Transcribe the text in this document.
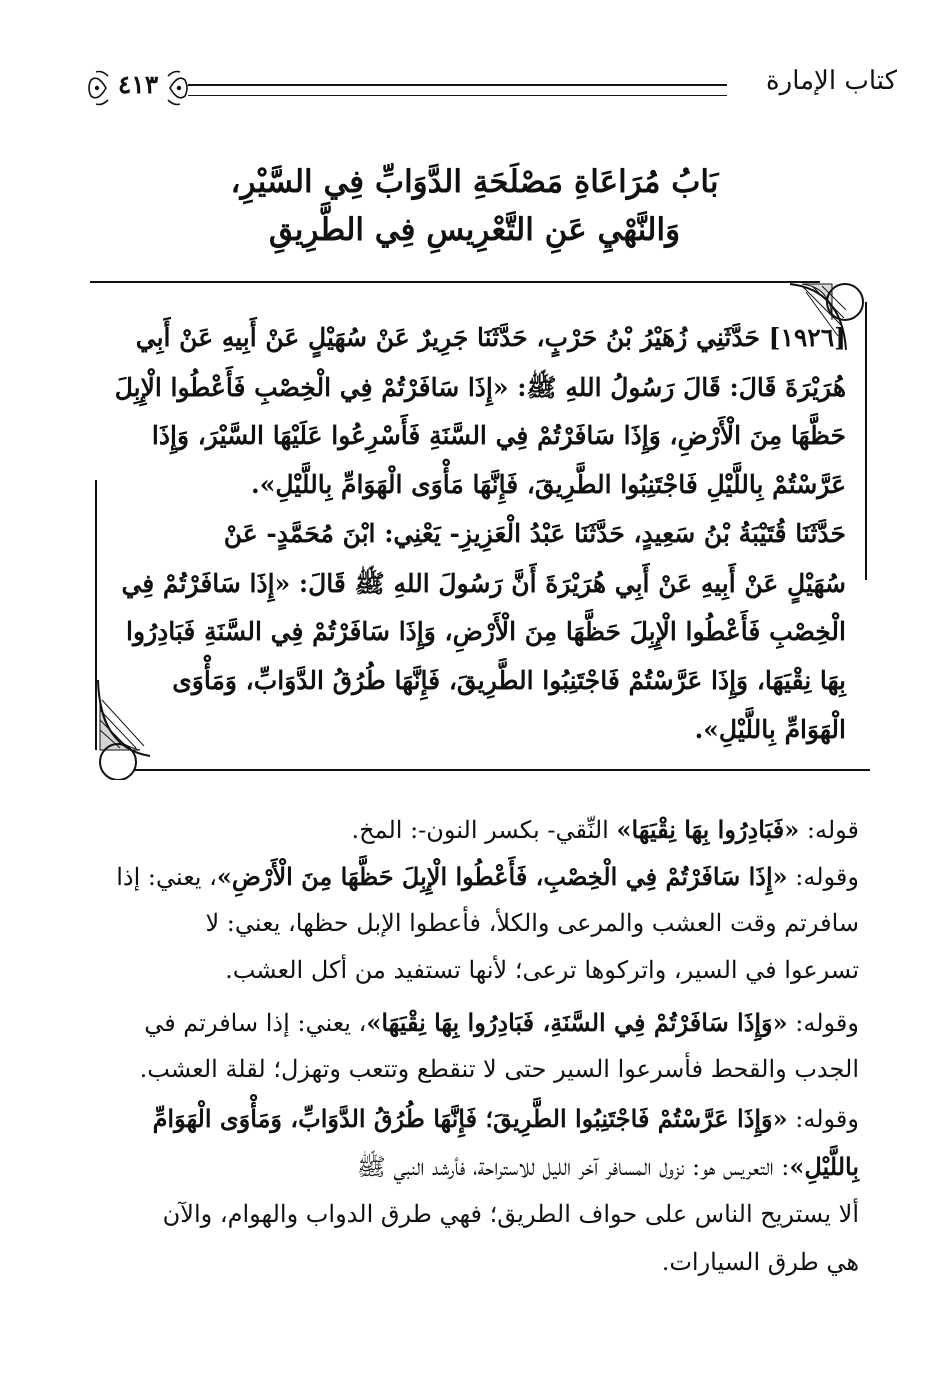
كتاب الإمارة
٤١٣
بَابُ مُرَاعَاةِ مَصْلَحَةِ الدَّوَابِّ فِي السَّيْرِ،
وَالنَّهْيِ عَنِ التَّعْرِيسِ فِي الطَّرِيقِ
[١٩٢٦] حَدَّثَنِي زُهَيْرُ بْنُ حَرْبٍ، حَدَّثَنَا جَرِيرٌ عَنْ سُهَيْلٍ عَنْ أَبِيهِ عَنْ أَبِي
هُرَيْرَةَ قَالَ: قَالَ رَسُولُ اللهِ ﷺ: «إِذَا سَافَرْتُمْ فِي الْخِصْبِ فَأَعْطُوا الْإِبِلَ
حَظَّهَا مِنَ الْأَرْضِ، وَإِذَا سَافَرْتُمْ فِي السَّنَةِ فَأَسْرِعُوا عَلَيْهَا السَّيْرَ، وَإِذَا
عَرَّسْتُمْ بِاللَّيْلِ فَاجْتَنِبُوا الطَّرِيقَ، فَإِنَّهَا مَأْوَى الْهَوَامِّ بِاللَّيْلِ».
حَدَّثَنَا قُتَيْبَةُ بْنُ سَعِيدٍ، حَدَّثَنَا عَبْدُ الْعَزِيزِ- يَعْنِي: ابْنَ مُحَمَّدٍ- عَنْ
سُهَيْلٍ عَنْ أَبِيهِ عَنْ أَبِي هُرَيْرَةَ أَنَّ رَسُولَ اللهِ ﷺ قَالَ: «إِذَا سَافَرْتُمْ فِي
الْخِصْبِ فَأَعْطُوا الْإِبِلَ حَظَّهَا مِنَ الْأَرْضِ، وَإِذَا سَافَرْتُمْ فِي السَّنَةِ فَبَادِرُوا
بِهَا نِقْيَهَا، وَإِذَا عَرَّسْتُمْ فَاجْتَنِبُوا الطَّرِيقَ، فَإِنَّهَا طُرُقُ الدَّوَابِّ، وَمَأْوَى
الْهَوَامِّ بِاللَّيْلِ».
قوله: «فَبَادِرُوا بِهَا نِقْيَهَا» النِّقي- بكسر النون-: المخ.
وقوله: «إِذَا سَافَرْتُمْ فِي الْخِصْبِ، فَأَعْطُوا الْإِبِلَ حَظَّهَا مِنَ الْأَرْضِ»، يعني: إذا
سافرتم وقت العشب والمرعى والكلأ، فأعطوا الإبل حظها، يعني: لا
تسرعوا في السير، واتركوها ترعى؛ لأنها تستفيد من أكل العشب.
وقوله: «وَإِذَا سَافَرْتُمْ فِي السَّنَةِ، فَبَادِرُوا بِهَا نِقْيَهَا»، يعني: إذا سافرتم في
الجدب والقحط فأسرعوا السير حتى لا تنقطع وتتعب وتهزل؛ لقلة العشب.
وقوله: «وَإِذَا عَرَّسْتُمْ فَاجْتَنِبُوا الطَّرِيقَ؛ فَإِنَّهَا طُرُقُ الدَّوَابِّ، وَمَأْوَى الْهَوَامِّ
بِاللَّيْلِ»: التعريس هو: نزول المسافر آخر الليل للاستراحة، فأرشد النبي ﷺ
ألا يستريح الناس على حواف الطريق؛ فهي طرق الدواب والهوام، والآن
هي طرق السيارات.
